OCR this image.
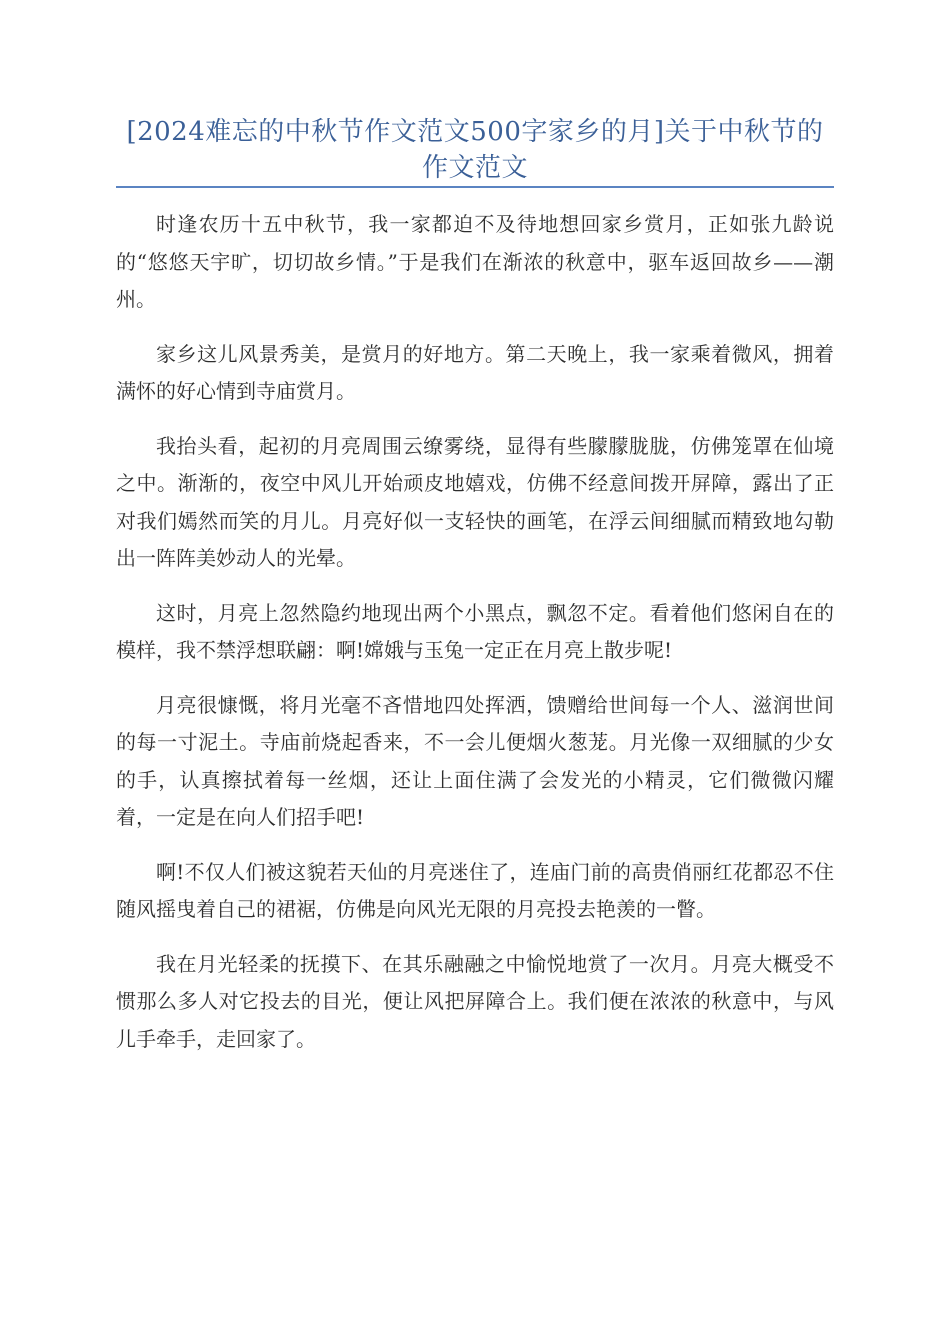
[2024难忘的中秋节作文范文500字家乡的月]关于中秋节的作文范文

时逢农历十五中秋节，我一家都迫不及待地想回家乡赏月，正如张九龄说的“悠悠天宇旷，切切故乡情。”于是我们在渐浓的秋意中，驱车返回故乡——潮州。

家乡这儿风景秀美，是赏月的好地方。第二天晚上，我一家乘着微风，拥着满怀的好心情到寺庙赏月。

我抬头看，起初的月亮周围云缭雾绕，显得有些朦朦胧胧，仿佛笼罩在仙境之中。渐渐的，夜空中风儿开始顽皮地嬉戏，仿佛不经意间拨开屏障，露出了正对我们嫣然而笑的月儿。月亮好似一支轻快的画笔，在浮云间细腻而精致地勾勒出一阵阵美妙动人的光晕。

这时，月亮上忽然隐约地现出两个小黑点，飘忽不定。看着他们悠闲自在的模样，我不禁浮想联翩：啊!嫦娥与玉兔一定正在月亮上散步呢!

月亮很慷慨，将月光毫不吝惜地四处挥洒，馈赠给世间每一个人、滋润世间的每一寸泥土。寺庙前烧起香来，不一会儿便烟火葱茏。月光像一双细腻的少女的手，认真擦拭着每一丝烟，还让上面住满了会发光的小精灵，它们微微闪耀着，一定是在向人们招手吧!

啊!不仅人们被这貌若天仙的月亮迷住了，连庙门前的高贵俏丽红花都忍不住随风摇曳着自己的裙裾，仿佛是向风光无限的月亮投去艳羡的一瞥。

我在月光轻柔的抚摸下、在其乐融融之中愉悦地赏了一次月。月亮大概受不惯那么多人对它投去的目光，便让风把屏障合上。我们便在浓浓的秋意中，与风儿手牵手，走回家了。
